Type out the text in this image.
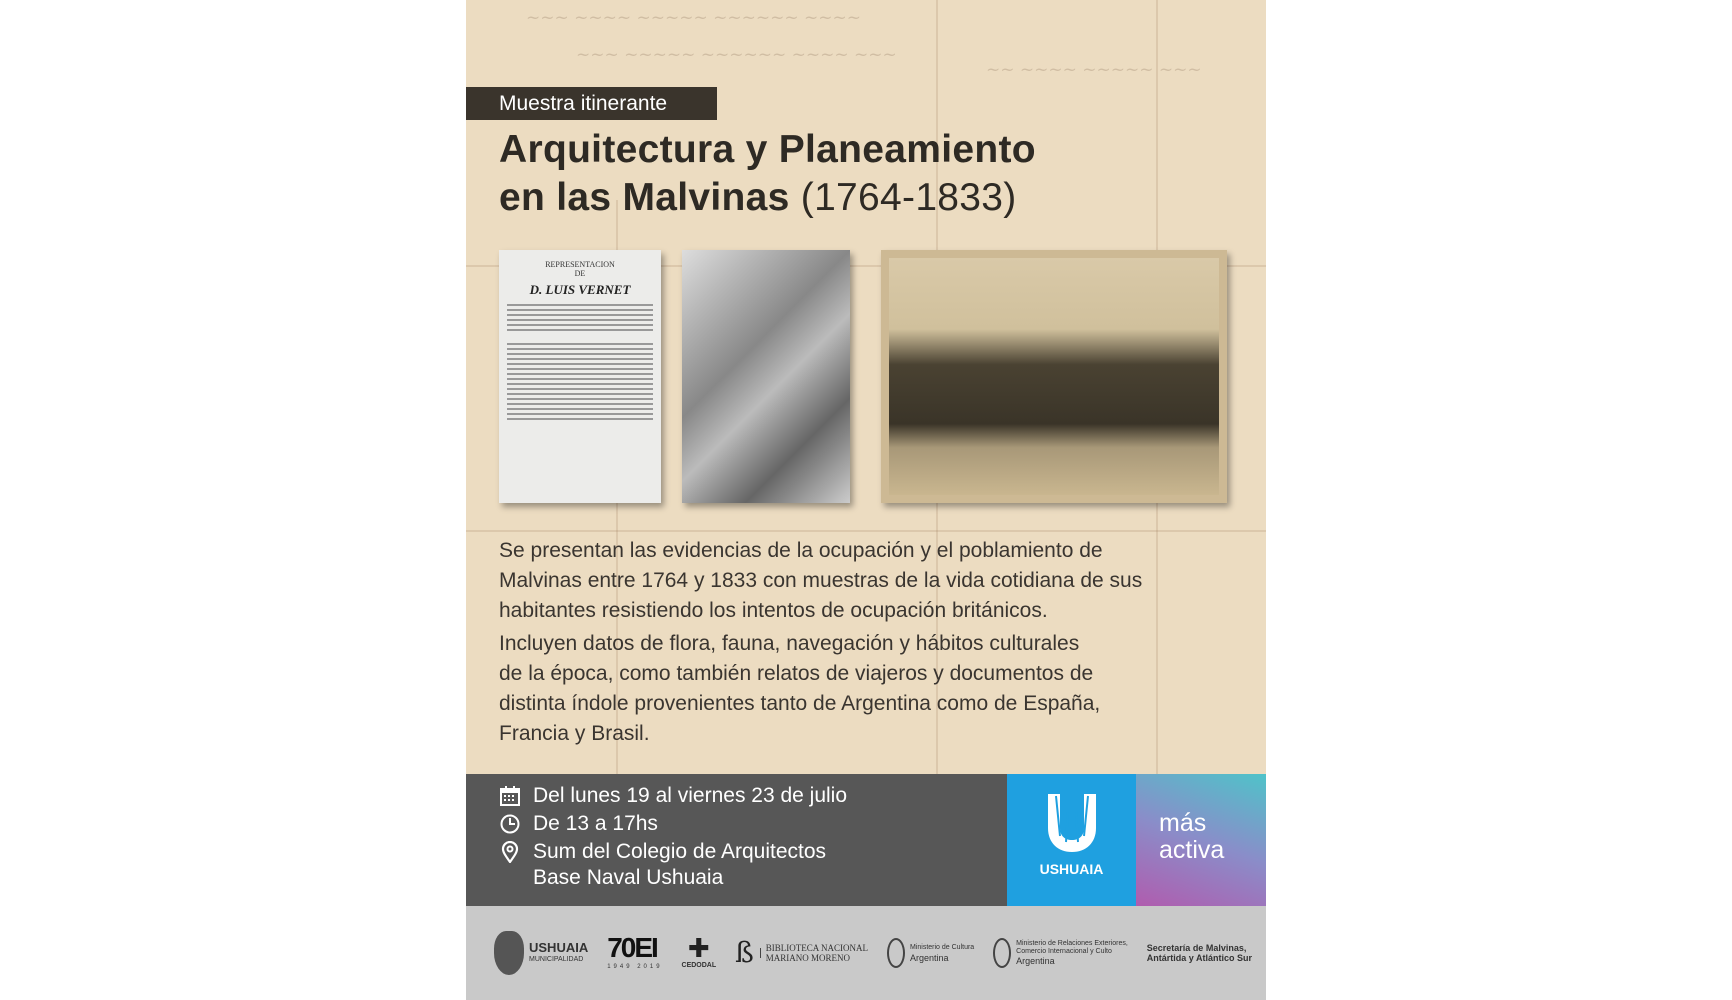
~~~ ~~~~ ~~~~~ ~~~~~~ ~~~~
~~~ ~~~~~ ~~~~~~ ~~~~ ~~~
~~ ~~~~ ~~~~~ ~~~
Muestra itinerante
Arquitectura y Planeamiento
en las Malvinas (1764-1833)
REPRESENTACION
DE
D. LUIS VERNET
Se presentan las evidencias de la ocupación y el poblamiento de
Malvinas entre 1764 y 1833 con muestras de la vida cotidiana de sus
habitantes resistiendo los intentos de ocupación británicos.
Incluyen datos de flora, fauna, navegación y hábitos culturales
de la época, como también relatos de viajeros y documentos de
distinta índole provenientes tanto de Argentina como de España,
Francia y Brasil.
Del lunes 19 al viernes 23 de julio
De 13 a 17hs
Sum del Colegio de Arquitectos
Base Naval Ushuaia	USHUAIA
más
activa
USHUAIA
MUNICIPALIDAD 70EI
1949 2019
✚
CEDODAL ß	BIBLIOTECA NACIONAL
MARIANO MORENO
Ministerio de Cultura
Argentina
Ministerio de Relaciones Exteriores,
Comercio Internacional y Culto
Argentina
Secretaría de Malvinas,
Antártida y Atlántico Sur
